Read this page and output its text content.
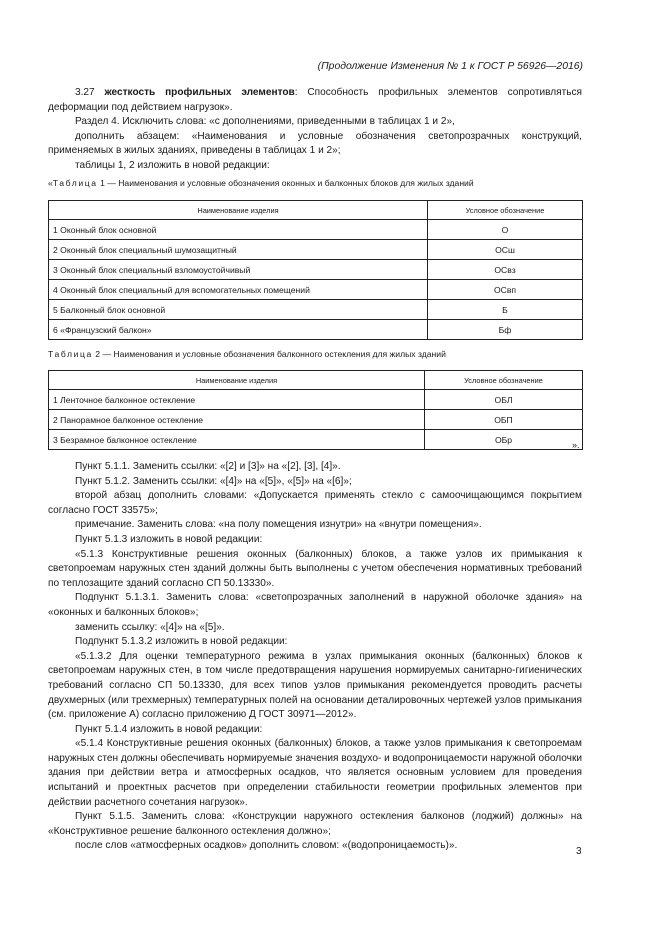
(Продолжение Изменения № 1 к ГОСТ Р 56926—2016)

3.27 жесткость профильных элементов: Способность профильных элементов сопротивляться деформации под действием нагрузок».

Раздел 4. Исключить слова: «с дополнениями, приведенными в таблицах 1 и 2»,

дополнить абзацем: «Наименования и условные обозначения светопрозрачных конструкций, применяемых в жилых зданиях, приведены в таблицах 1 и 2»;

таблицы 1, 2 изложить в новой редакции:

«Таблица 1 — Наименования и условные обозначения оконных и балконных блоков для жилых зданий
Наименование изделия	Условное обозначение
1 Оконный блок основной	О
2 Оконный блок специальный шумозащитный	ОСш
3 Оконный блок специальный взломоустойчивый	ОСвз
4 Оконный блок специальный для вспомогательных помещений	ОСвп
5 Балконный блок основной	Б
6 «Французский балкон»	Бф
Таблица 2 — Наименования и условные обозначения балконного остекления для жилых зданий
Наименование изделия	Условное обозначение
1 Ленточное балконное остекление	ОБЛ
2 Панорамное балконное остекление	ОБП
3 Безрамное балконное остекление	ОБр
».

Пункт 5.1.1. Заменить ссылки: «[2] и [3]» на «[2], [3], [4]».

Пункт 5.1.2. Заменить ссылки: «[4]» на «[5]», «[5]» на «[6]»;

второй абзац дополнить словами: «Допускается применять стекло с самоочищающимся покрытием согласно ГОСТ 33575»;

примечание. Заменить слова: «на полу помещения изнутри» на «внутри помещения».

Пункт 5.1.3 изложить в новой редакции:

«5.1.3 Конструктивные решения оконных (балконных) блоков, а также узлов их примыкания к светопроемам наружных стен зданий должны быть выполнены с учетом обеспечения нормативных требований по теплозащите зданий согласно СП 50.13330».

Подпункт 5.1.3.1. Заменить слова: «светопрозрачных заполнений в наружной оболочке здания» на «оконных и балконных блоков»;

заменить ссылку: «[4]» на «[5]».

Подпункт 5.1.3.2 изложить в новой редакции:

«5.1.3.2 Для оценки температурного режима в узлах примыкания оконных (балконных) блоков к светопроемам наружных стен, в том числе предотвращения нарушения нормируемых санитарно-гигиенических требований согласно СП 50.13330, для всех типов узлов примыкания рекомендуется проводить расчеты двухмерных (или трехмерных) температурных полей на основании деталировочных чертежей узлов примыкания (см. приложение А) согласно приложению Д ГОСТ 30971—2012».

Пункт 5.1.4 изложить в новой редакции:

«5.1.4 Конструктивные решения оконных (балконных) блоков, а также узлов примыкания к светопроемам наружных стен должны обеспечивать нормируемые значения воздухо- и водопроницаемости наружной оболочки здания при действии ветра и атмосферных осадков, что является основным условием для проведения испытаний и проектных расчетов при определении стабильности геометрии профильных элементов при действии расчетного сочетания нагрузок».

Пункт 5.1.5. Заменить слова: «Конструкции наружного остекления балконов (лоджий) должны» на «Конструктивное решение балконного остекления должно»;

после слов «атмосферных осадков» дополнить словом: «(водопроницаемость)».

3
